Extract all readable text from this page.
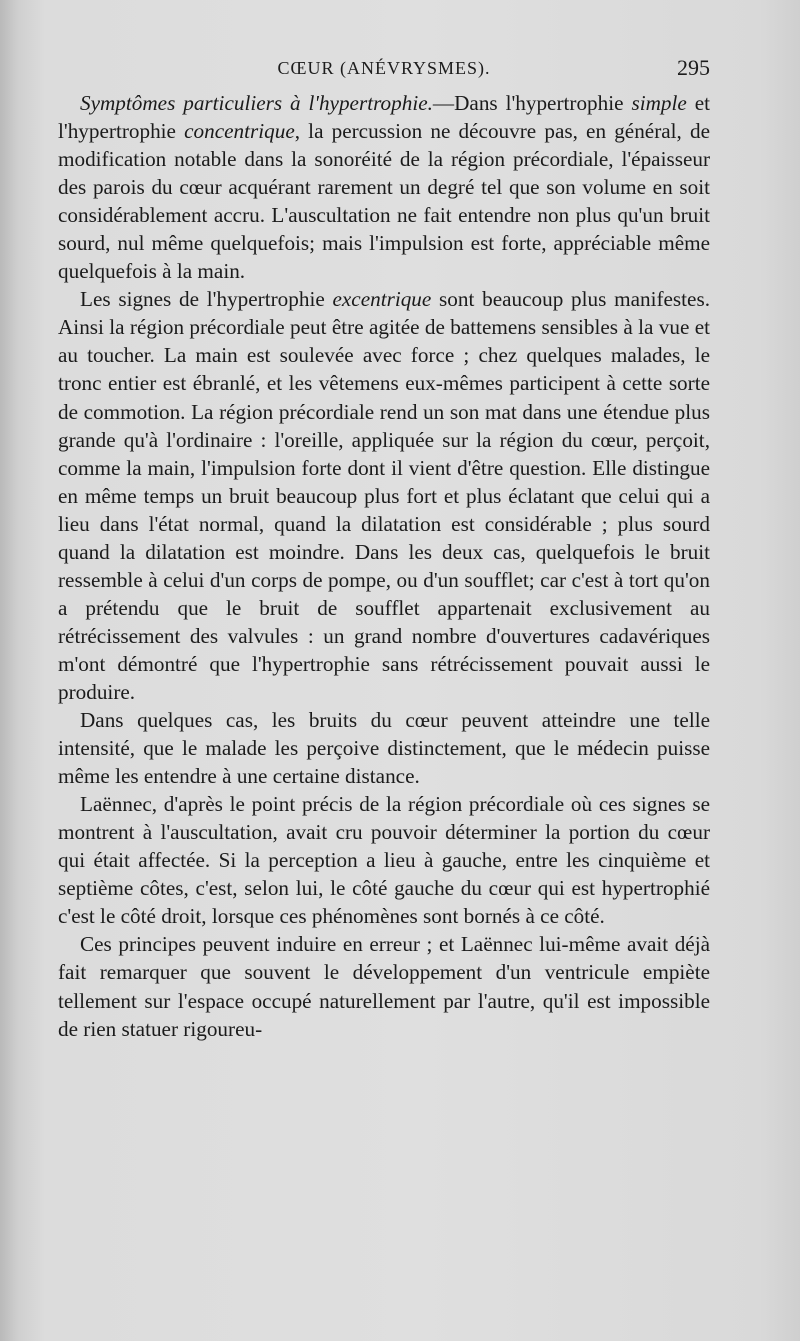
CŒUR (ANÉVRYSMES).	295

Symptômes particuliers à l'hypertrophie.—Dans l'hypertrophie simple et l'hypertrophie concentrique, la percussion ne découvre pas, en général, de modification notable dans la sonoréité de la région précordiale, l'épaisseur des parois du cœur acquérant rarement un degré tel que son volume en soit considérablement accru. L'auscultation ne fait entendre non plus qu'un bruit sourd, nul même quelquefois; mais l'impulsion est forte, appréciable même quelquefois à la main.

Les signes de l'hypertrophie excentrique sont beaucoup plus manifestes. Ainsi la région précordiale peut être agitée de battemens sensibles à la vue et au toucher. La main est soulevée avec force ; chez quelques malades, le tronc entier est ébranlé, et les vêtemens eux-mêmes participent à cette sorte de commotion. La région précordiale rend un son mat dans une étendue plus grande qu'à l'ordinaire : l'oreille, appliquée sur la région du cœur, perçoit, comme la main, l'impulsion forte dont il vient d'être question. Elle distingue en même temps un bruit beaucoup plus fort et plus éclatant que celui qui a lieu dans l'état normal, quand la dilatation est considérable ; plus sourd quand la dilatation est moindre. Dans les deux cas, quelquefois le bruit ressemble à celui d'un corps de pompe, ou d'un soufflet; car c'est à tort qu'on a prétendu que le bruit de soufflet appartenait exclusivement au rétrécissement des valvules : un grand nombre d'ouvertures cadavériques m'ont démontré que l'hypertrophie sans rétrécissement pouvait aussi le produire.

Dans quelques cas, les bruits du cœur peuvent atteindre une telle intensité, que le malade les perçoive distinctement, que le médecin puisse même les entendre à une certaine distance.

Laënnec, d'après le point précis de la région précordiale où ces signes se montrent à l'auscultation, avait cru pouvoir déterminer la portion du cœur qui était affectée. Si la perception a lieu à gauche, entre les cinquième et septième côtes, c'est, selon lui, le côté gauche du cœur qui est hypertrophié c'est le côté droit, lorsque ces phénomènes sont bornés à ce côté.

Ces principes peuvent induire en erreur ; et Laënnec lui-même avait déjà fait remarquer que souvent le développement d'un ventricule empiète tellement sur l'espace occupé naturellement par l'autre, qu'il est impossible de rien statuer rigoureu-
